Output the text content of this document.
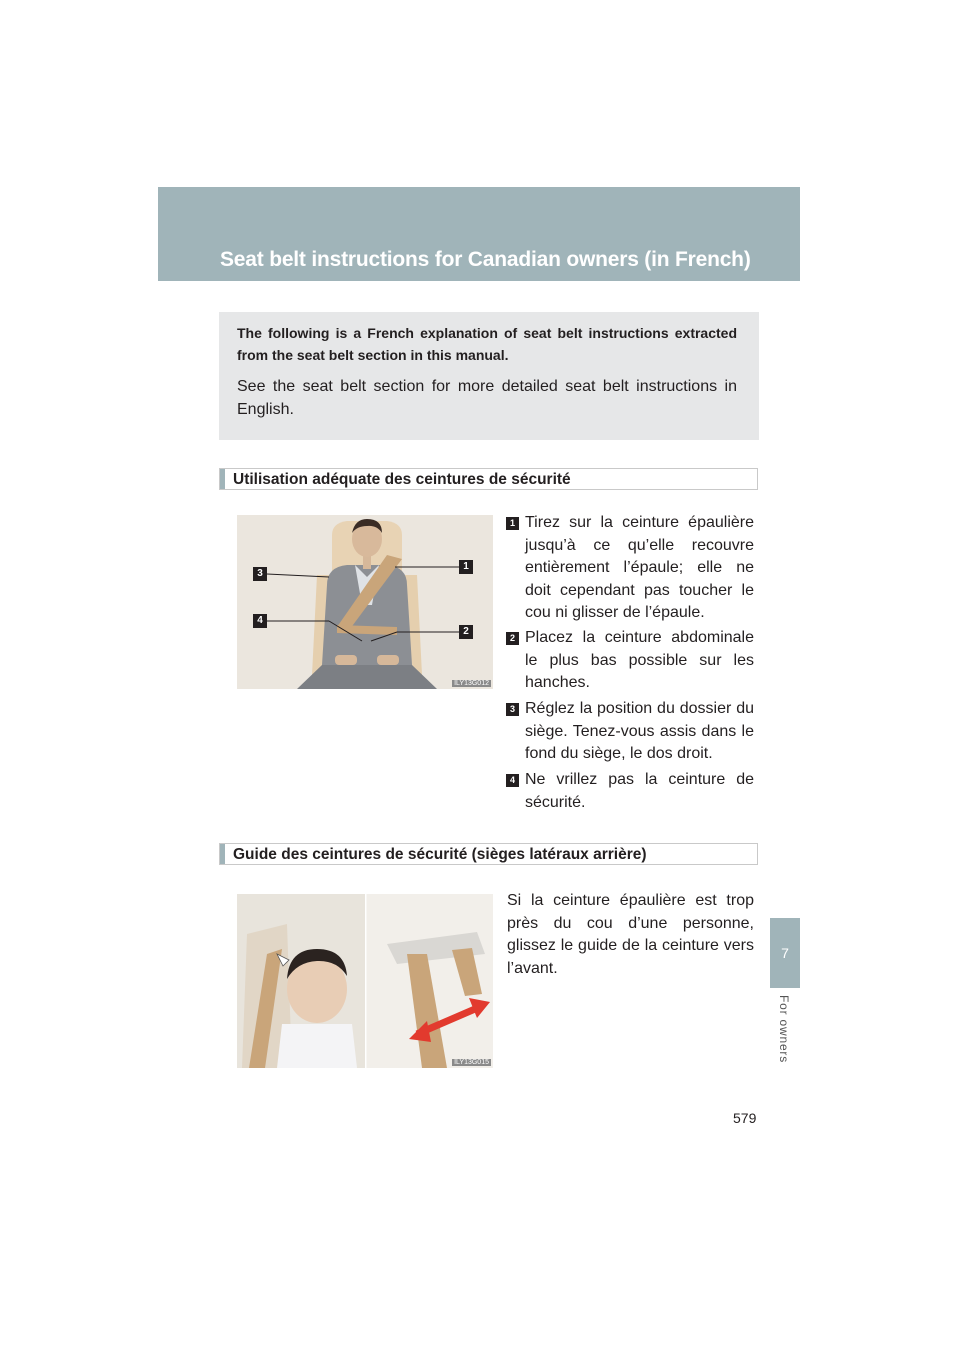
Seat belt instructions for Canadian owners (in French)
7
For owners
The following is a French explanation of seat belt instructions extracted from the seat belt section in this manual.
See the seat belt section for more detailed seat belt instructions in English.
Utilisation adéquate des ceintures de sécurité
1
2
3
4
ILY13G012
1 Tirez sur la ceinture épaulière jusqu’à ce qu’elle recouvre entièrement l’épaule; elle ne doit cependant pas toucher le cou ni glisser de l’épaule.
2 Placez la ceinture abdominale le plus bas possible sur les hanches.
3 Réglez la position du dossier du siège. Tenez-vous assis dans le fond du siège, le dos droit.
4 Ne vrillez pas la ceinture de sécurité.
Guide des ceintures de sécurité (sièges latéraux arrière)
ILY13G015
Si la ceinture épaulière est trop près du cou d’une personne, glissez le guide de la ceinture vers l’avant.
579
